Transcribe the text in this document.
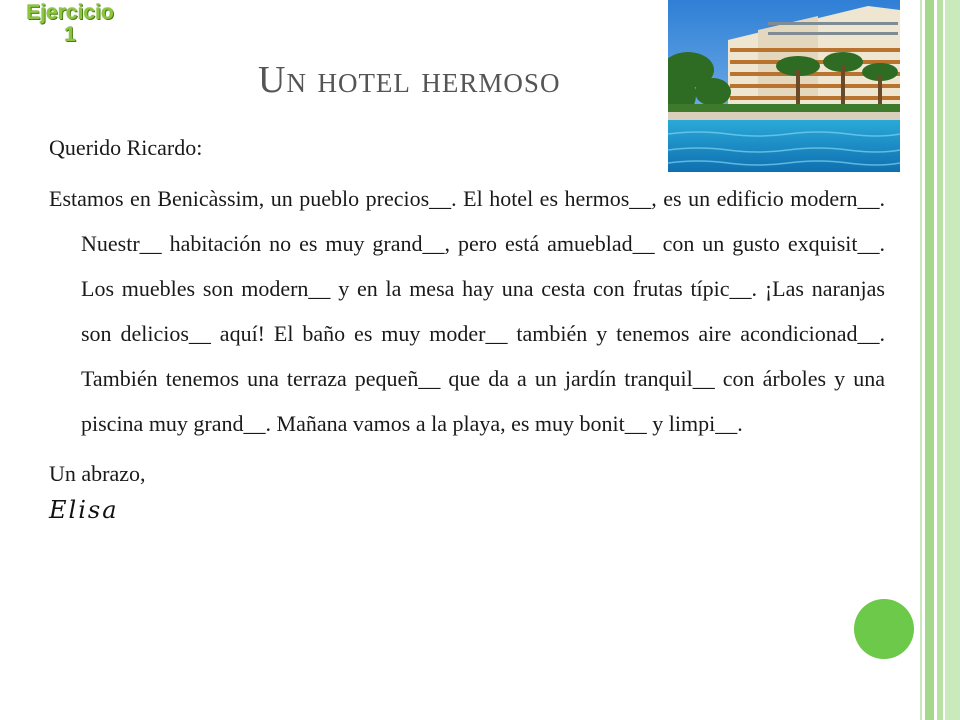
Ejercicio
1
Un hotel hermoso

Querido Ricardo:

Estamos en Benicàssim, un pueblo precios__. El hotel es hermos__, es un edificio modern__. Nuestr__ habitación no es muy grand__, pero está amueblad__ con un gusto exquisit__. Los muebles son modern__ y en la mesa hay una cesta con frutas típic__. ¡Las naranjas son delicios__ aquí! El baño es muy moder__ también y tenemos aire acondicionad__. También tenemos una terraza pequeñ__ que da a un jardín tranquil__ con árboles y una piscina muy grand__. Mañana vamos a la playa, es muy bonit__ y limpi__.

Un abrazo,

Elisa
